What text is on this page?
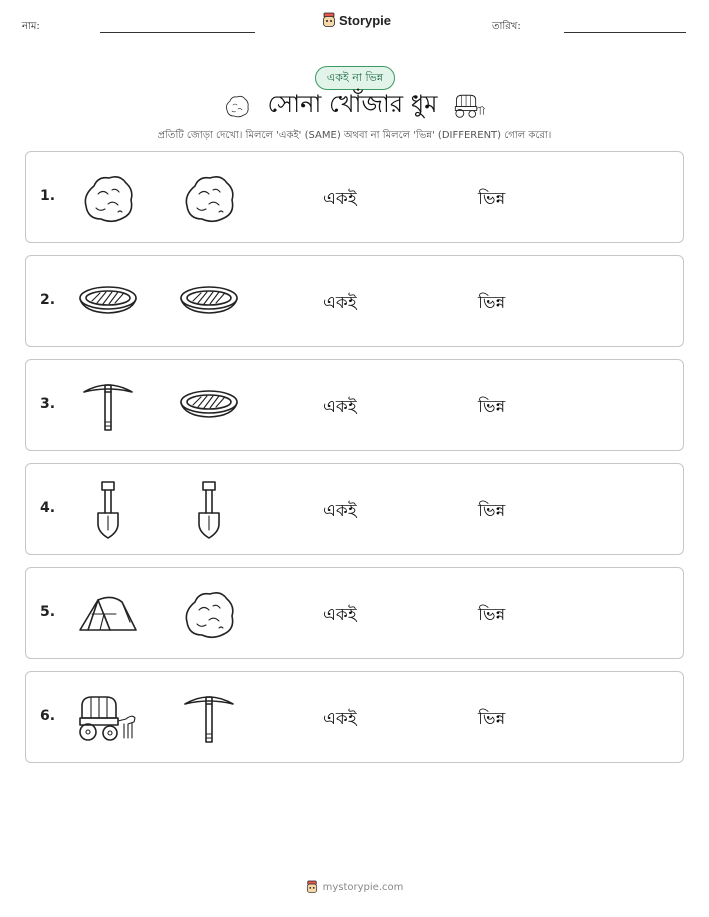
নাম:	Storypie	তারিখ:
একই না ভিন্ন
সোনা খোঁজার ধুম
প্রতিটি জোড়া দেখো। মিললে 'একই' (SAME) অথবা না মিললে 'ভিন্ন' (DIFFERENT) গোল করো।
1.	একই	ভিন্ন
2.	একই	ভিন্ন
3.	একই	ভিন্ন
4.	একই	ভিন্ন
5.	একই	ভিন্ন
6.	একই	ভিন্ন
mystorypie.com
